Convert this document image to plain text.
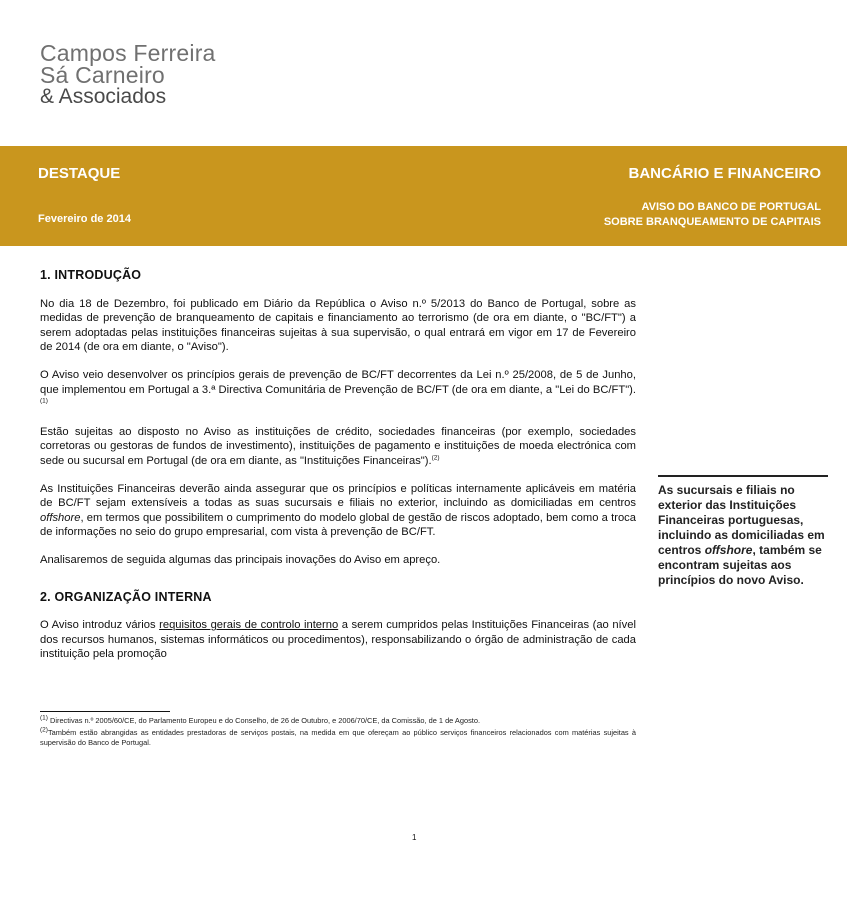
Campos Ferreira
Sá Carneiro
& Associados
DESTAQUE
Fevereiro de 2014
BANCÁRIO E FINANCEIRO
AVISO DO BANCO DE PORTUGAL
SOBRE BRANQUEAMENTO DE CAPITAIS
1. INTRODUÇÃO

No dia 18 de Dezembro, foi publicado em Diário da República o Aviso n.º 5/2013 do Banco de Portugal, sobre as medidas de prevenção de branqueamento de capitais e financiamento ao terrorismo (de ora em diante, o "BC/FT") a serem adoptadas pelas instituições financeiras sujeitas à sua supervisão, o qual entrará em vigor em 17 de Fevereiro de 2014 (de ora em diante, o "Aviso").

O Aviso veio desenvolver os princípios gerais de prevenção de BC/FT decorrentes da Lei n.º 25/2008, de 5 de Junho, que implementou em Portugal a 3.ª Directiva Comunitária de Prevenção de BC/FT (de ora em diante, a "Lei do BC/FT").$^{(1)}$

Estão sujeitas ao disposto no Aviso as instituições de crédito, sociedades financeiras (por exemplo, sociedades corretoras ou gestoras de fundos de investimento), instituições de pagamento e instituições de moeda electrónica com sede ou sucursal em Portugal (de ora em diante, as "Instituições Financeiras").$^{(2)}$

As Instituições Financeiras deverão ainda assegurar que os princípios e políticas internamente aplicáveis em matéria de BC/FT sejam extensíveis a todas as suas sucursais e filiais no exterior, incluindo as domiciliadas em centros offshore, em termos que possibilitem o cumprimento do modelo global de gestão de riscos adoptado, bem como a troca de informações no seio do grupo empresarial, com vista à prevenção de BC/FT.

Analisaremos de seguida algumas das principais inovações do Aviso em apreço.

2. ORGANIZAÇÃO INTERNA

O Aviso introduz vários requisitos gerais de controlo interno a serem cumpridos pelas Instituições Financeiras (ao nível dos recursos humanos, sistemas informáticos ou procedimentos), responsabilizando o órgão de administração de cada instituição pela promoção

As sucursais e filiais no exterior das Instituições Financeiras portuguesas, incluindo as domiciliadas em centros offshore, também se encontram sujeitas aos princípios do novo Aviso.
$^{(1)}$ Directivas n.º 2005/60/CE, do Parlamento Europeu e do Conselho, de 26 de Outubro, e 2006/70/CE, da Comissão, de 1 de Agosto.
$^{(2)}$Também estão abrangidas as entidades prestadoras de serviços postais, na medida em que ofereçam ao público serviços financeiros relacionados com matérias sujeitas à supervisão do Banco de Portugal.
1
